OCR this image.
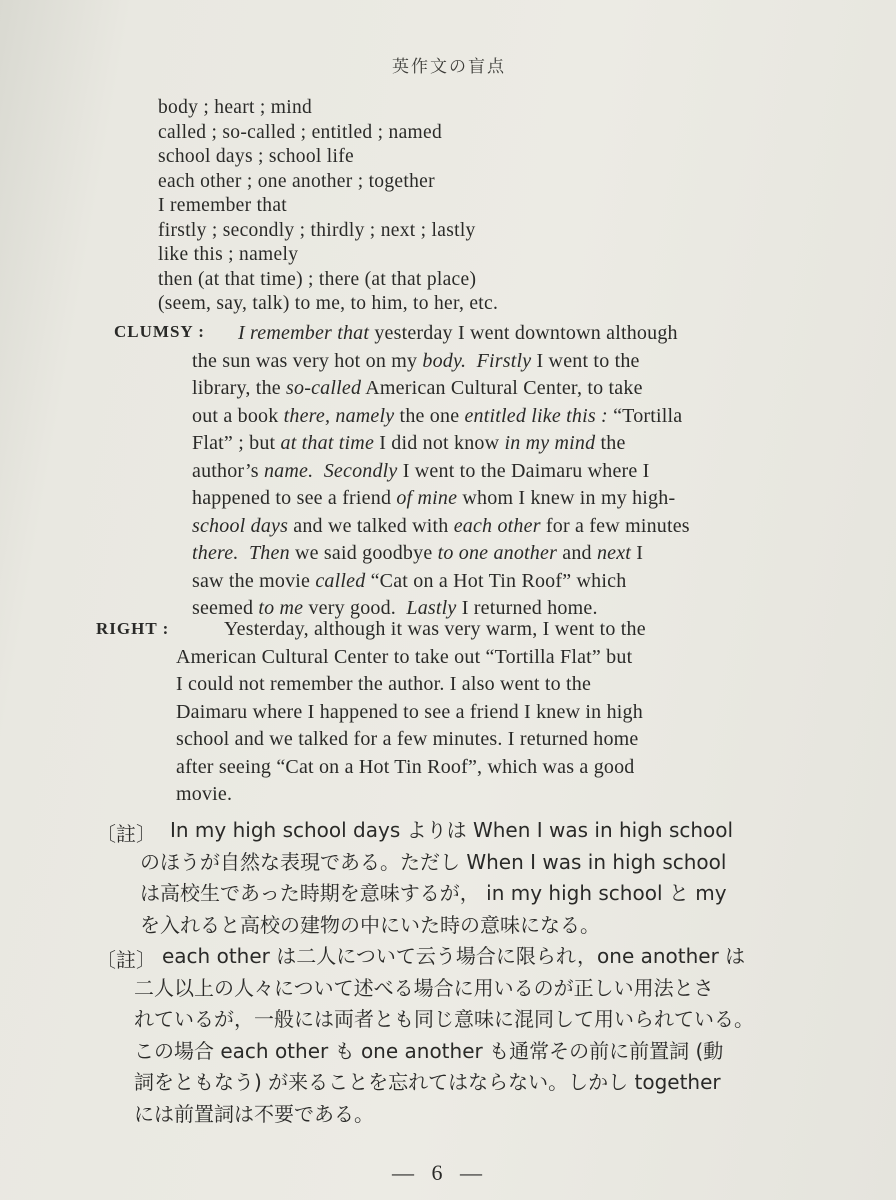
英作文の盲点
body ; heart ; mind
called ; so-called ; entitled ; named
school days ; school life
each other ; one another ; together
I remember that
firstly ; secondly ; thirdly ; next ; lastly
like this ; namely
then (at that time) ; there (at that place)
(seem, say, talk) to me, to him, to her, etc.
CLUMSY :	I remember that yesterday I went downtown although
the sun was very hot on my body. Firstly I went to the
library, the so-called American Cultural Center, to take
out a book there, namely the one entitled like this : “Tortilla
Flat” ; but at that time I did not know in my mind the
author’s name. Secondly I went to the Daimaru where I
happened to see a friend of mine whom I knew in my high-
school days and we talked with each other for a few minutes
there. Then we said goodbye to one another and next I
saw the movie called “Cat on a Hot Tin Roof” which
seemed to me very good.  Lastly I returned home.
RIGHT :	Yesterday, although it was very warm, I went to the
American Cultural Center to take out “Tortilla Flat” but
I could not remember the author. I also went to the
Daimaru where I happened to see a friend I knew in high
school and we talked for a few minutes. I returned home
after seeing “Cat on a Hot Tin Roof”, which was a good
movie.
〔註〕 In my high school days よりは When I was in high school
のほうが自然な表現である。ただし When I was in high school
は高校生であった時期を意味するが， in my high school と my
を入れると高校の建物の中にいた時の意味になる。
〔註〕 each other は二人について云う場合に限られ，one another は
二人以上の人々について述べる場合に用いるのが正しい用法とさ
れているが，一般には両者とも同じ意味に混同して用いられている。
この場合 each other も one another も通常その前に前置詞 (動
詞をともなう) が来ることを忘れてはならない。しかし together
には前置詞は不要である。
— 6 —
